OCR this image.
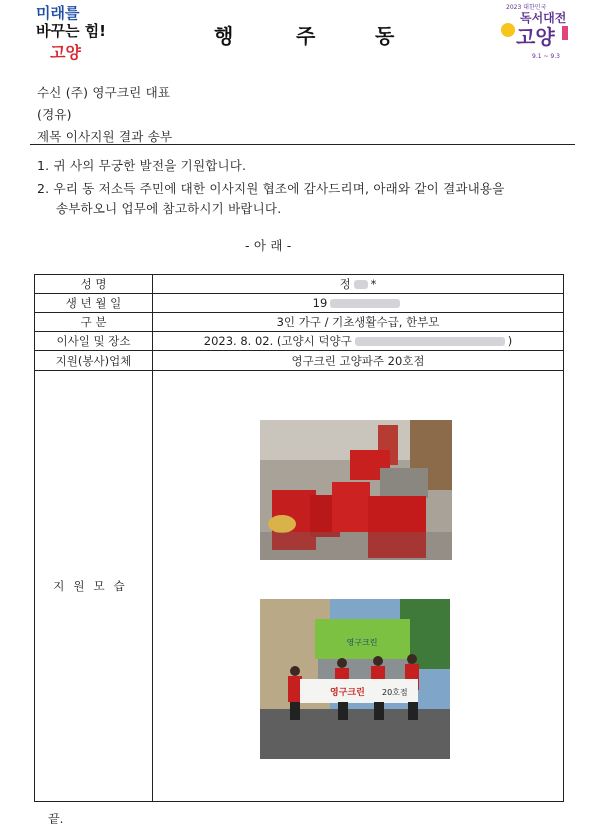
미래를
바꾸는 힘!
고양
행	주	동
2023 대한민국
독서대전
고양
9.1 ~ 9.3
수신 (주) 영구크린 대표
(경유)
제목 이사지원 결과 송부
1. 귀 사의 무궁한 발전을 기원합니다.
2. 우리 동 저소득 주민에 대한 이사지원 협조에 감사드리며, 아래와 같이 결과내용을
송부하오니 업무에 참고하시기 바랍니다.
- 아 래 -
성 명	정 *
생 년 월 일	19
구 분	3인 가구 / 기초생활수급, 한부모
이사일 및 장소	2023. 8. 02. (고양시 덕양구	)
지원(봉사)업체	영구크린 고양파주 20호점
지원모습
영구크린
영구크린 20호점
끝.
